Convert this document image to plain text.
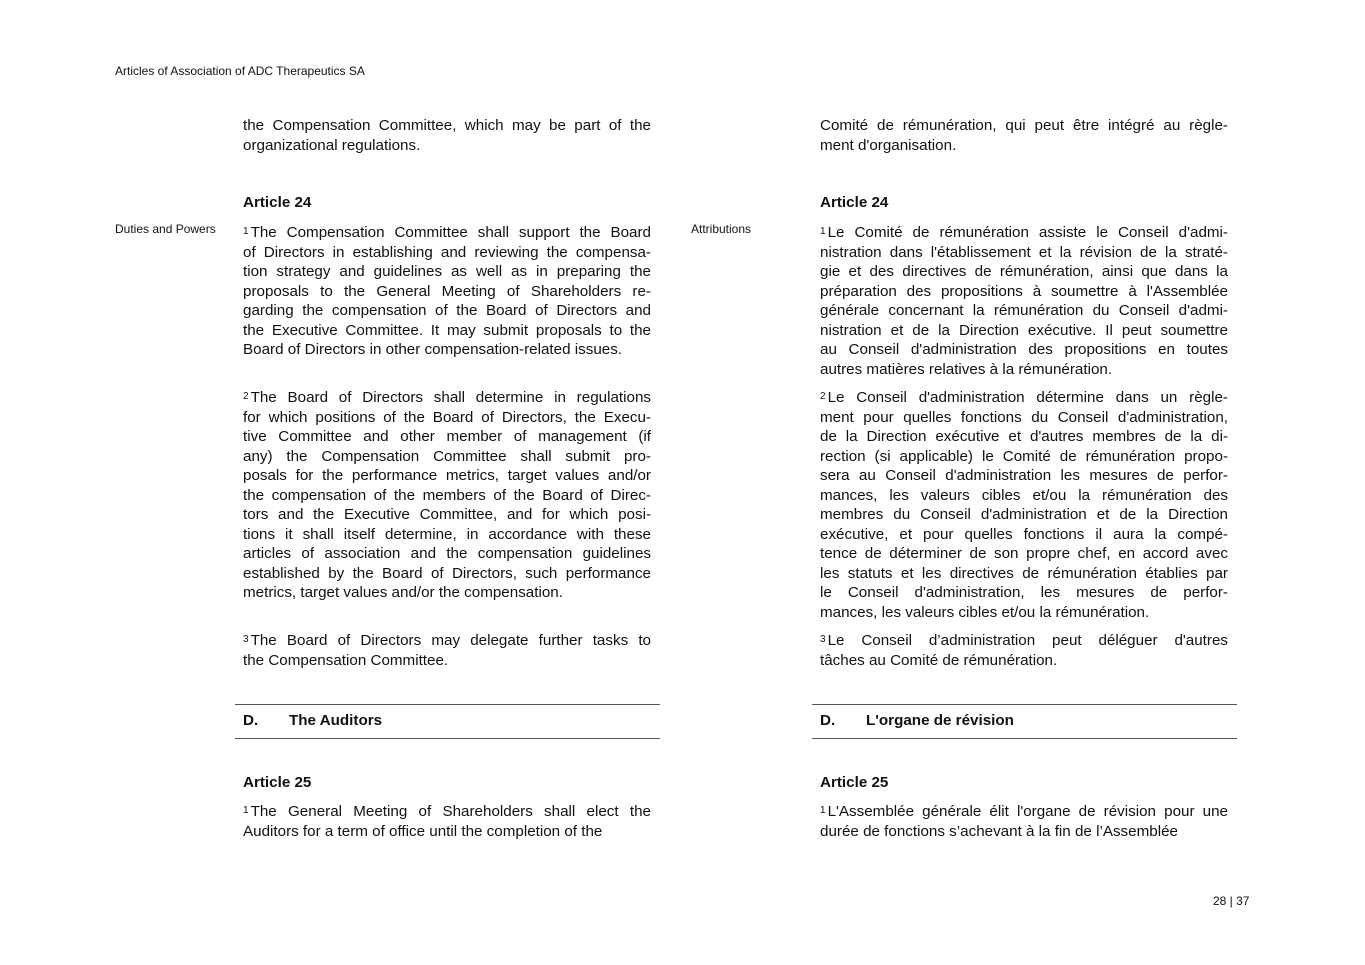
Articles of Association of ADC Therapeutics SA
Duties and Powers	Attributions
the Compensation Committee, which may be part of the
organizational regulations.
Article 24
$^1$ The Compensation Committee shall support the Board
of Directors in establishing and reviewing the compensa-
tion strategy and guidelines as well as in preparing the
proposals to the General Meeting of Shareholders re-
garding the compensation of the Board of Directors and
the Executive Committee. It may submit proposals to the
Board of Directors in other compensation-related issues.
$^2$ The Board of Directors shall determine in regulations
for which positions of the Board of Directors, the Execu-
tive Committee and other member of management (if
any) the Compensation Committee shall submit pro-
posals for the performance metrics, target values and/or
the compensation of the members of the Board of Direc-
tors and the Executive Committee, and for which posi-
tions it shall itself determine, in accordance with these
articles of association and the compensation guidelines
established by the Board of Directors, such performance
metrics, target values and/or the compensation.
$^3$ The Board of Directors may delegate further tasks to
the Compensation Committee.
D. The Auditors
Article 25
$^1$ The General Meeting of Shareholders shall elect the
Auditors for a term of office until the completion of the
Comité de rémunération, qui peut être intégré au règle-
ment d'organisation.
Article 24
$^1$ Le Comité de rémunération assiste le Conseil d'admi-
nistration dans l'établissement et la révision de la straté-
gie et des directives de rémunération, ainsi que dans la
préparation des propositions à soumettre à l'Assemblée
générale concernant la rémunération du Conseil d'admi-
nistration et de la Direction exécutive. Il peut soumettre
au Conseil d'administration des propositions en toutes
autres matières relatives à la rémunération.
$^2$ Le Conseil d'administration détermine dans un règle-
ment pour quelles fonctions du Conseil d'administration,
de la Direction exécutive et d'autres membres de la di-
rection (si applicable) le Comité de rémunération propo-
sera au Conseil d'administration les mesures de perfor-
mances, les valeurs cibles et/ou la rémunération des
membres du Conseil d'administration et de la Direction
exécutive, et pour quelles fonctions il aura la compé-
tence de déterminer de son propre chef, en accord avec
les statuts et les directives de rémunération établies par
le Conseil d'administration, les mesures de perfor-
mances, les valeurs cibles et/ou la rémunération.
$^3$ Le Conseil d’administration peut déléguer d'autres
tâches au Comité de rémunération.
D. L'organe de révision
Article 25
$^1$ L'Assemblée générale élit l'organe de révision pour une
durée de fonctions s’achevant à la fin de l’Assemblée
28 | 37
